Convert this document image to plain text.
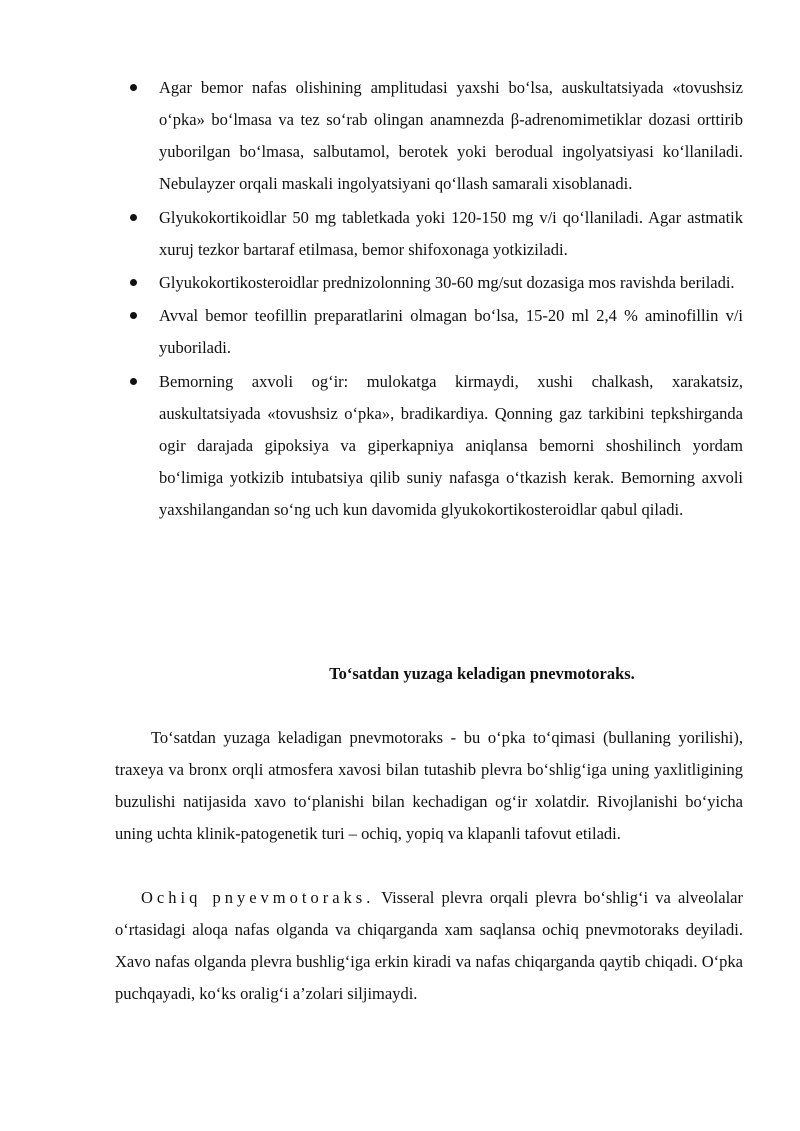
Agar bemor nafas olishining amplitudasi yaxshi bo‘lsa, auskultatsiyada «tovushsiz o‘pka» bo‘lmasa va tez so‘rab olingan anamnezda β-adrenomimetiklar dozasi orttirib yuborilgan bo‘lmasa, salbutamol, berotek yoki berodual ingolyatsiyasi ko‘llaniladi. Nebulayzer orqali maskali ingolyatsiyani qo‘llash samarali xisoblanadi.
Glyukokortikoidlar 50 mg tabletkada yoki 120-150 mg v/i qo‘llaniladi. Agar astmatik xuruj tezkor bartaraf etilmasa, bemor shifoxonaga yotkiziladi.
Glyukokortikosteroidlar prednizolonning 30-60 mg/sut dozasiga mos ravishda beriladi.
Avval bemor teofillin preparatlarini olmagan bo‘lsa, 15-20 ml 2,4 % aminofillin v/i yuboriladi.
Bemorning axvoli og‘ir: mulokatga kirmaydi, xushi chalkash, xarakatsiz, auskultatsiyada «tovushsiz o‘pka», bradikardiya. Qonning gaz tarkibini tepkshirganda ogir darajada gipoksiya va giperkapniya aniqlansa bemorni shoshilinch yordam bo‘limiga yotkizib intubatsiya qilib suniy nafasga o‘tkazish kerak. Bemorning axvoli yaxshilangandan so‘ng uch kun davomida glyukokortikosteroidlar qabul qiladi.
To‘satdan yuzaga keladigan pnevmotoraks.

To‘satdan yuzaga keladigan pnevmotoraks - bu o‘pka to‘qimasi (bullaning yorilishi), traxeya va bronx orqli atmosfera xavosi bilan tutashib plevra bo‘shlig‘iga uning yaxlitligining buzulishi natijasida xavo to‘planishi bilan kechadigan og‘ir xolatdir. Rivojlanishi bo‘yicha uning uchta klinik-patogenetik turi – ochiq, yopiq va klapanli tafovut etiladi.

Ochiq pnyevmotoraks. Visseral plevra orqali plevra bo‘shlig‘i va alveolalar o‘rtasidagi aloqa nafas olganda va chiqarganda xam saqlansa ochiq pnevmotoraks deyiladi. Xavo nafas olganda plevra bushlig‘iga erkin kiradi va nafas chiqarganda qaytib chiqadi. O‘pka puchqayadi, ko‘ks oralig‘i a’zolari siljimaydi.
